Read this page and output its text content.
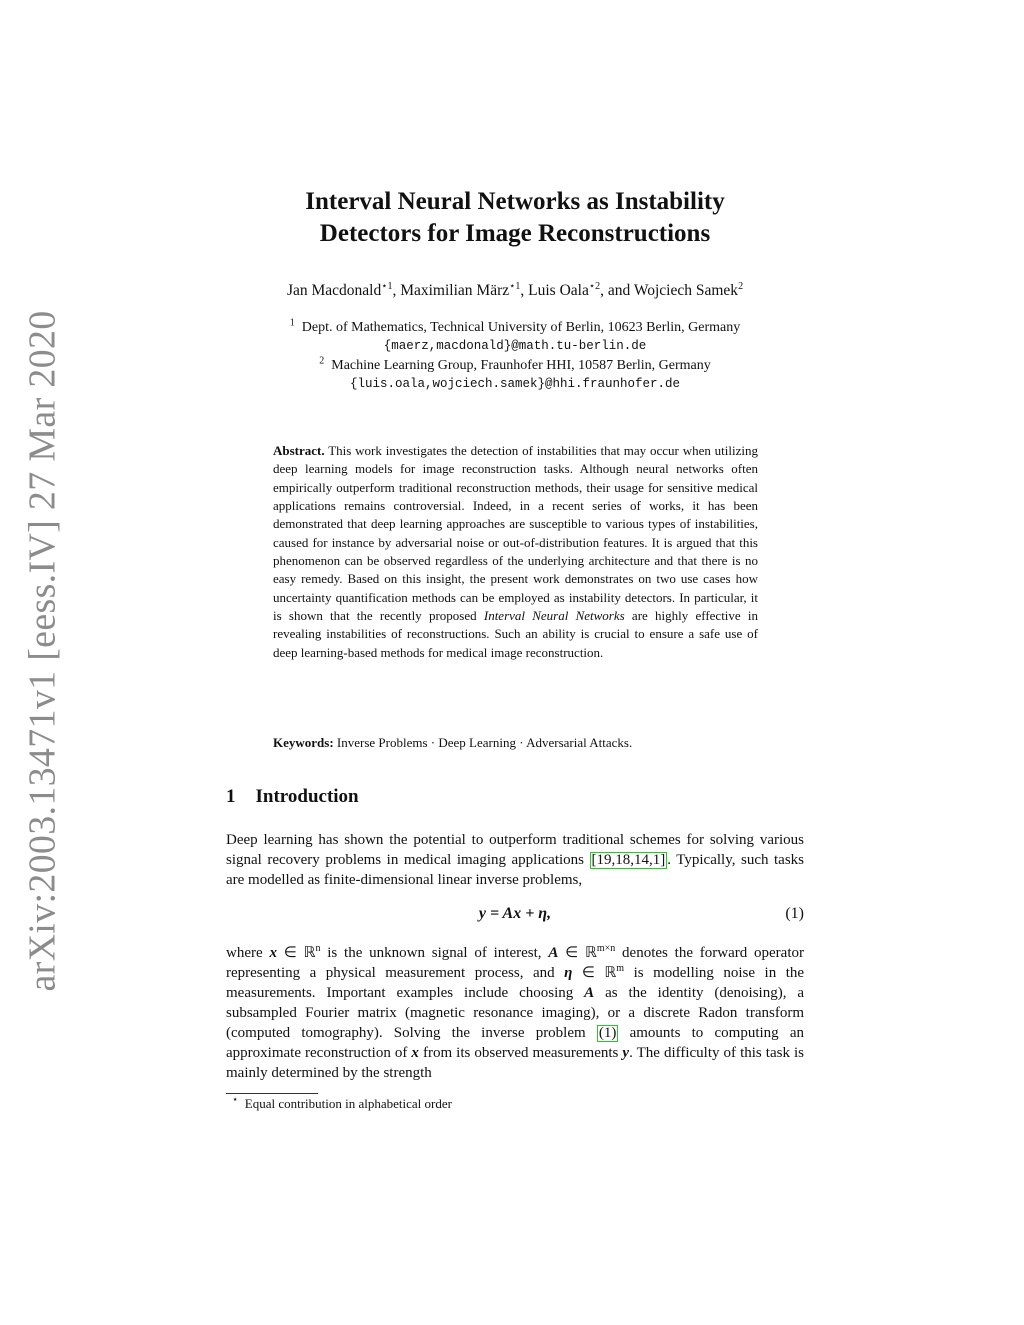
arXiv:2003.13471v1 [eess.IV] 27 Mar 2020
Interval Neural Networks as Instability
Detectors for Image Reconstructions
Jan Macdonald$^{⋆1}$, Maximilian März$^{⋆1}$, Luis Oala$^{⋆2}$, and Wojciech Samek$^2$
$^1$ Dept. of Mathematics, Technical University of Berlin, 10623 Berlin, Germany
{maerz,macdonald}@math.tu-berlin.de
$^2$ Machine Learning Group, Fraunhofer HHI, 10587 Berlin, Germany
{luis.oala,wojciech.samek}@hhi.fraunhofer.de

Abstract. This work investigates the detection of instabilities that may occur when utilizing deep learning models for image reconstruction tasks. Although neural networks often empirically outperform traditional reconstruction methods, their usage for sensitive medical applications remains controversial. Indeed, in a recent series of works, it has been demonstrated that deep learning approaches are susceptible to various types of instabilities, caused for instance by adversarial noise or out-of-distribution features. It is argued that this phenomenon can be observed regardless of the underlying architecture and that there is no easy remedy. Based on this insight, the present work demonstrates on two use cases how uncertainty quantification methods can be employed as instability detectors. In particular, it is shown that the recently proposed Interval Neural Networks are highly effective in revealing instabilities of reconstructions. Such an ability is crucial to ensure a safe use of deep learning-based methods for medical image reconstruction.

Keywords: Inverse Problems · Deep Learning · Adversarial Attacks.

1 Introduction

Deep learning has shown the potential to outperform traditional schemes for solving various signal recovery problems in medical imaging applications [19,18,14,1] . Typically, such tasks are modelled as finite-dimensional linear inverse problems,

y = Ax + η,	(1)

where x ∈ ℝ$^n$ is the unknown signal of interest, A ∈ ℝ$^{m\times n}$ denotes the forward operator representing a physical measurement process, and η ∈ ℝ$^m$ is modelling noise in the measurements. Important examples include choosing A as the identity (denoising), a subsampled Fourier matrix (magnetic resonance imaging), or a discrete Radon transform (computed tomography). Solving the inverse problem (1) amounts to computing an approximate reconstruction of x from its observed measurements y. The difficulty of this task is mainly determined by the strength

⋆ Equal contribution in alphabetical order
